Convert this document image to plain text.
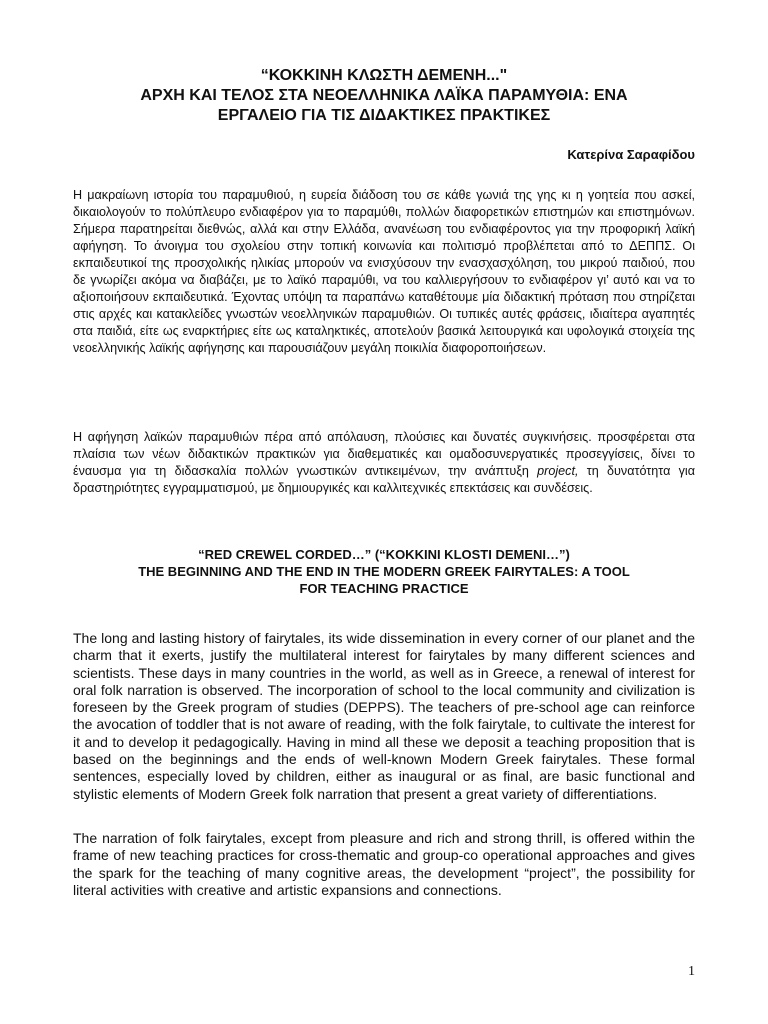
“ΚΟΚΚΙΝΗ ΚΛΩΣΤΗ ΔΕΜΕΝΗ..."
ΑΡΧΗ ΚΑΙ ΤΕΛΟΣ ΣΤΑ ΝΕΟΕΛΛΗΝΙΚΑ ΛΑΪΚΑ ΠΑΡΑΜΥΘΙΑ: ΕΝΑ
ΕΡΓΑΛΕΙΟ ΓΙΑ ΤΙΣ ΔΙΔΑΚΤΙΚΕΣ ΠΡΑΚΤΙΚΕΣ
Κατερίνα Σαραφίδου
Η μακραίωνη ιστορία του παραμυθιού, η ευρεία διάδοση του σε κάθε γωνιά της γης κι η γοητεία που ασκεί, δικαιολογούν το πολύπλευρο ενδιαφέρον για το παραμύθι, πολλών διαφορετικών επιστημών και επιστημόνων. Σήμερα παρατηρείται διεθνώς, αλλά και στην Ελλάδα, ανανέωση του ενδιαφέροντος για την προφορική λαϊκή αφήγηση. Το άνοιγμα του σχολείου στην τοπική κοινωνία και πολιτισμό προβλέπεται από το ΔΕΠΠΣ. Οι εκπαιδευτικοί της προσχολικής ηλικίας μπορούν να ενισχύσουν την ενασχασχόληση, του μικρού παιδιού, που δε γνωρίζει ακόμα να διαβάζει, με το λαϊκό παραμύθι, να του καλλιεργήσουν το ενδιαφέρον γι’ αυτό και να το αξιοποιήσουν εκπαιδευτικά. Έχοντας υπόψη τα παραπάνω καταθέτουμε μία διδακτική πρόταση που στηρίζεται στις αρχές και κατακλείδες γνωστών νεοελληνικών παραμυθιών. Οι τυπικές αυτές φράσεις, ιδιαίτερα αγαπητές στα παιδιά, είτε ως εναρκτήριες είτε ως καταληκτικές, αποτελούν βασικά λειτουργικά και υφολογικά στοιχεία της νεοελληνικής λαϊκής αφήγησης και παρουσιάζουν μεγάλη ποικιλία διαφοροποιήσεων.
Η αφήγηση λαϊκών παραμυθιών πέρα από απόλαυση, πλούσιες και δυνατές συγκινήσεις. προσφέρεται στα πλαίσια των νέων διδακτικών πρακτικών για διαθεματικές και ομαδοσυνεργατικές προσεγγίσεις, δίνει το έναυσμα για τη διδασκαλία πολλών γνωστικών αντικειμένων, την ανάπτυξη project, τη δυνατότητα για δραστηριότητες εγγραμματισμού, με δημιουργικές και καλλιτεχνικές επεκτάσεις και συνδέσεις.
“RED CREWEL CORDED…” (“KOKKINI KLOSTI DEMENI…”)
THE BEGINNING AND THE END IN THE MODERN GREEK FAIRYTALES: A TOOL
FOR TEACHING PRACTICE
The long and lasting history of fairytales, its wide dissemination in every corner of our planet and the charm that it exerts, justify the multilateral interest for fairytales by many different sciences and scientists. These days in many countries in the world, as well as in Greece, a renewal of interest for oral folk narration is observed. The incorporation of school to the local community and civilization is foreseen by the Greek program of studies (DEPPS). The teachers of pre-school age can reinforce the avocation of toddler that is not aware of reading, with the folk fairytale, to cultivate the interest for it and to develop it pedagogically. Having in mind all these we deposit a teaching proposition that is based on the beginnings and the ends of well-known Modern Greek fairytales. These formal sentences, especially loved by children, either as inaugural or as final, are basic functional and stylistic elements of Modern Greek folk narration that present a great variety of differentiations.
The narration of folk fairytales, except from pleasure and rich and strong thrill, is offered within the frame of new teaching practices for cross-thematic and group-co operational approaches and gives the spark for the teaching of many cognitive areas, the development “project”, the possibility for literal activities with creative and artistic expansions and connections.
1
